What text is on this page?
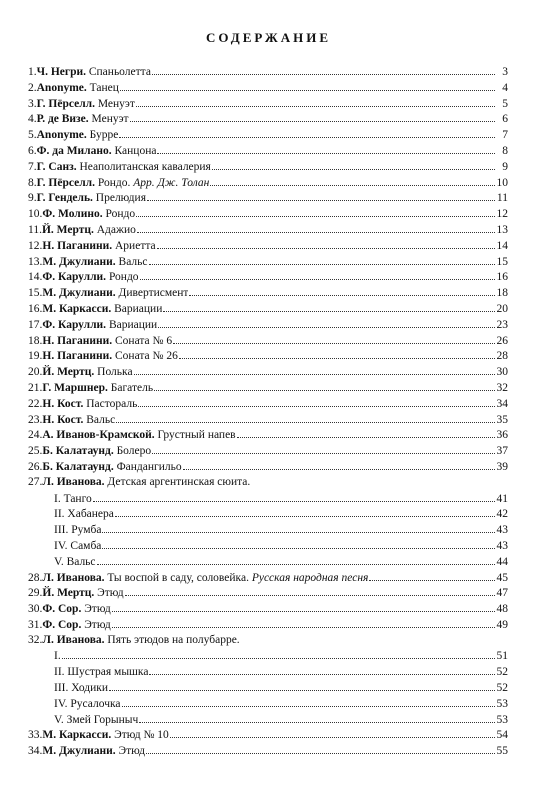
СОДЕРЖАНИЕ
1.Ч. Негри. Спаньолетта	3
2.Anonyme. Танец	4
3.Г. Пёрселл. Менуэт	5
4.Р. де Визе. Менуэт	6
5.Anonyme. Бурре	7
6.Ф. да Милано. Канцона	8
7.Г. Санз. Неаполитанская кавалерия	9
8.Г. Пёрселл. Рондо. Арр. Дж. Толан	10
9.Г. Гендель. Прелюдия	11
10.Ф. Молино. Рондо	12
11.Й. Мертц. Адажио	13
12.Н. Паганини. Ариетта	14
13.М. Джулиани. Вальс	15
14.Ф. Карулли. Рондо	16
15.М. Джулиани. Дивертисмент	18
16.М. Каркасси. Вариации	20
17.Ф. Карулли. Вариации	23
18.Н. Паганини. Соната № 6	26
19.Н. Паганини. Соната № 26	28
20.Й. Мертц. Полька	30
21.Г. Маршнер. Багатель	32
22.Н. Кост. Пастораль	34
23.Н. Кост. Вальс	35
24.А. Иванов-Крамской. Грустный напев	36
25.Б. Калатаунд. Болеро	37
26.Б. Калатаунд. Фандангильо	39
27.Л. Иванова. Детская аргентинская сюита.
I. Танго	41
II. Хабанера	42
III. Румба	43
IV. Самба	43
V. Вальс	44
28.Л. Иванова. Ты воспой в саду, соловейка. Русская народная песня	45
29.Й. Мертц. Этюд	47
30.Ф. Сор. Этюд	48
31.Ф. Сор. Этюд	49
32.Л. Иванова. Пять этюдов на полубарре.
I.	51
II. Шустрая мышка	52
III. Ходики	52
IV. Русалочка	53
V. Змей Горыныч	53
33.М. Каркасси. Этюд № 10	54
34.М. Джулиани. Этюд	55
